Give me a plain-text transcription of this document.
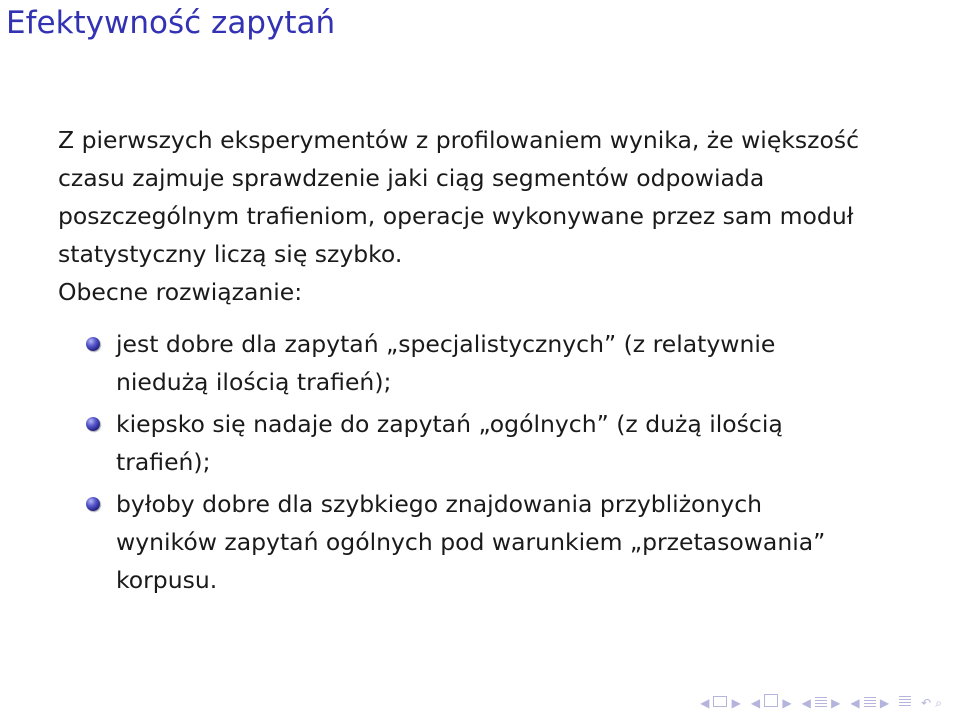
Efektywność zapytań

Z pierwszych eksperymentów z profilowaniem wynika, że większość

czasu zajmuje sprawdzenie jaki ciąg segmentów odpowiada

poszczególnym trafieniom, operacje wykonywane przez sam moduł

statystyczny liczą się szybko.

Obecne rozwiązanie:

jest dobre dla zapytań „specjalistycznych” (z relatywnie
niedużą ilością trafień);
kiepsko się nadaje do zapytań „ogólnych” (z dużą ilością
trafień);
byłoby dobre dla szybkiego znajdowania przybliżonych
wyników zapytań ogólnych pod warunkiem „przetasowania”
korpusu.
◀ ▶ ◀ ▶ ◀ ▶ ◀ ▶	↶ ⌕
